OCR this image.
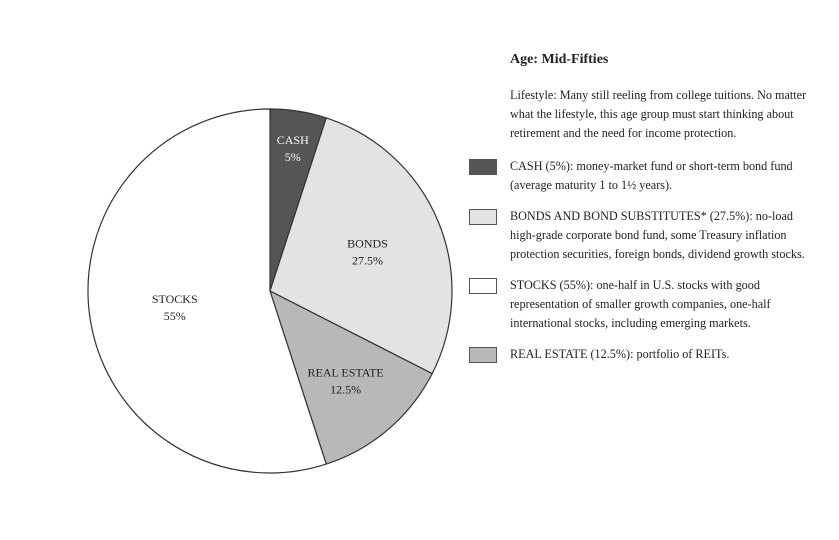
CASH 5%
BONDS 27.5%
REAL ESTATE 12.5%
STOCKS 55%
Age: Mid-Fifties
Lifestyle: Many still reeling from college tuitions. No matter what the lifestyle, this age group must start thinking about retirement and the need for income protection.
CASH (5%): money-market fund or short-term bond fund (average maturity 1 to 1½ years).
BONDS AND BOND SUBSTITUTES* (27.5%): no-load high-grade corporate bond fund, some Treasury inflation protection securities, foreign bonds, dividend growth stocks.
STOCKS (55%): one-half in U.S. stocks with good representation of smaller growth companies, one-half international stocks, including emerging markets.
REAL ESTATE (12.5%): portfolio of REITs.
